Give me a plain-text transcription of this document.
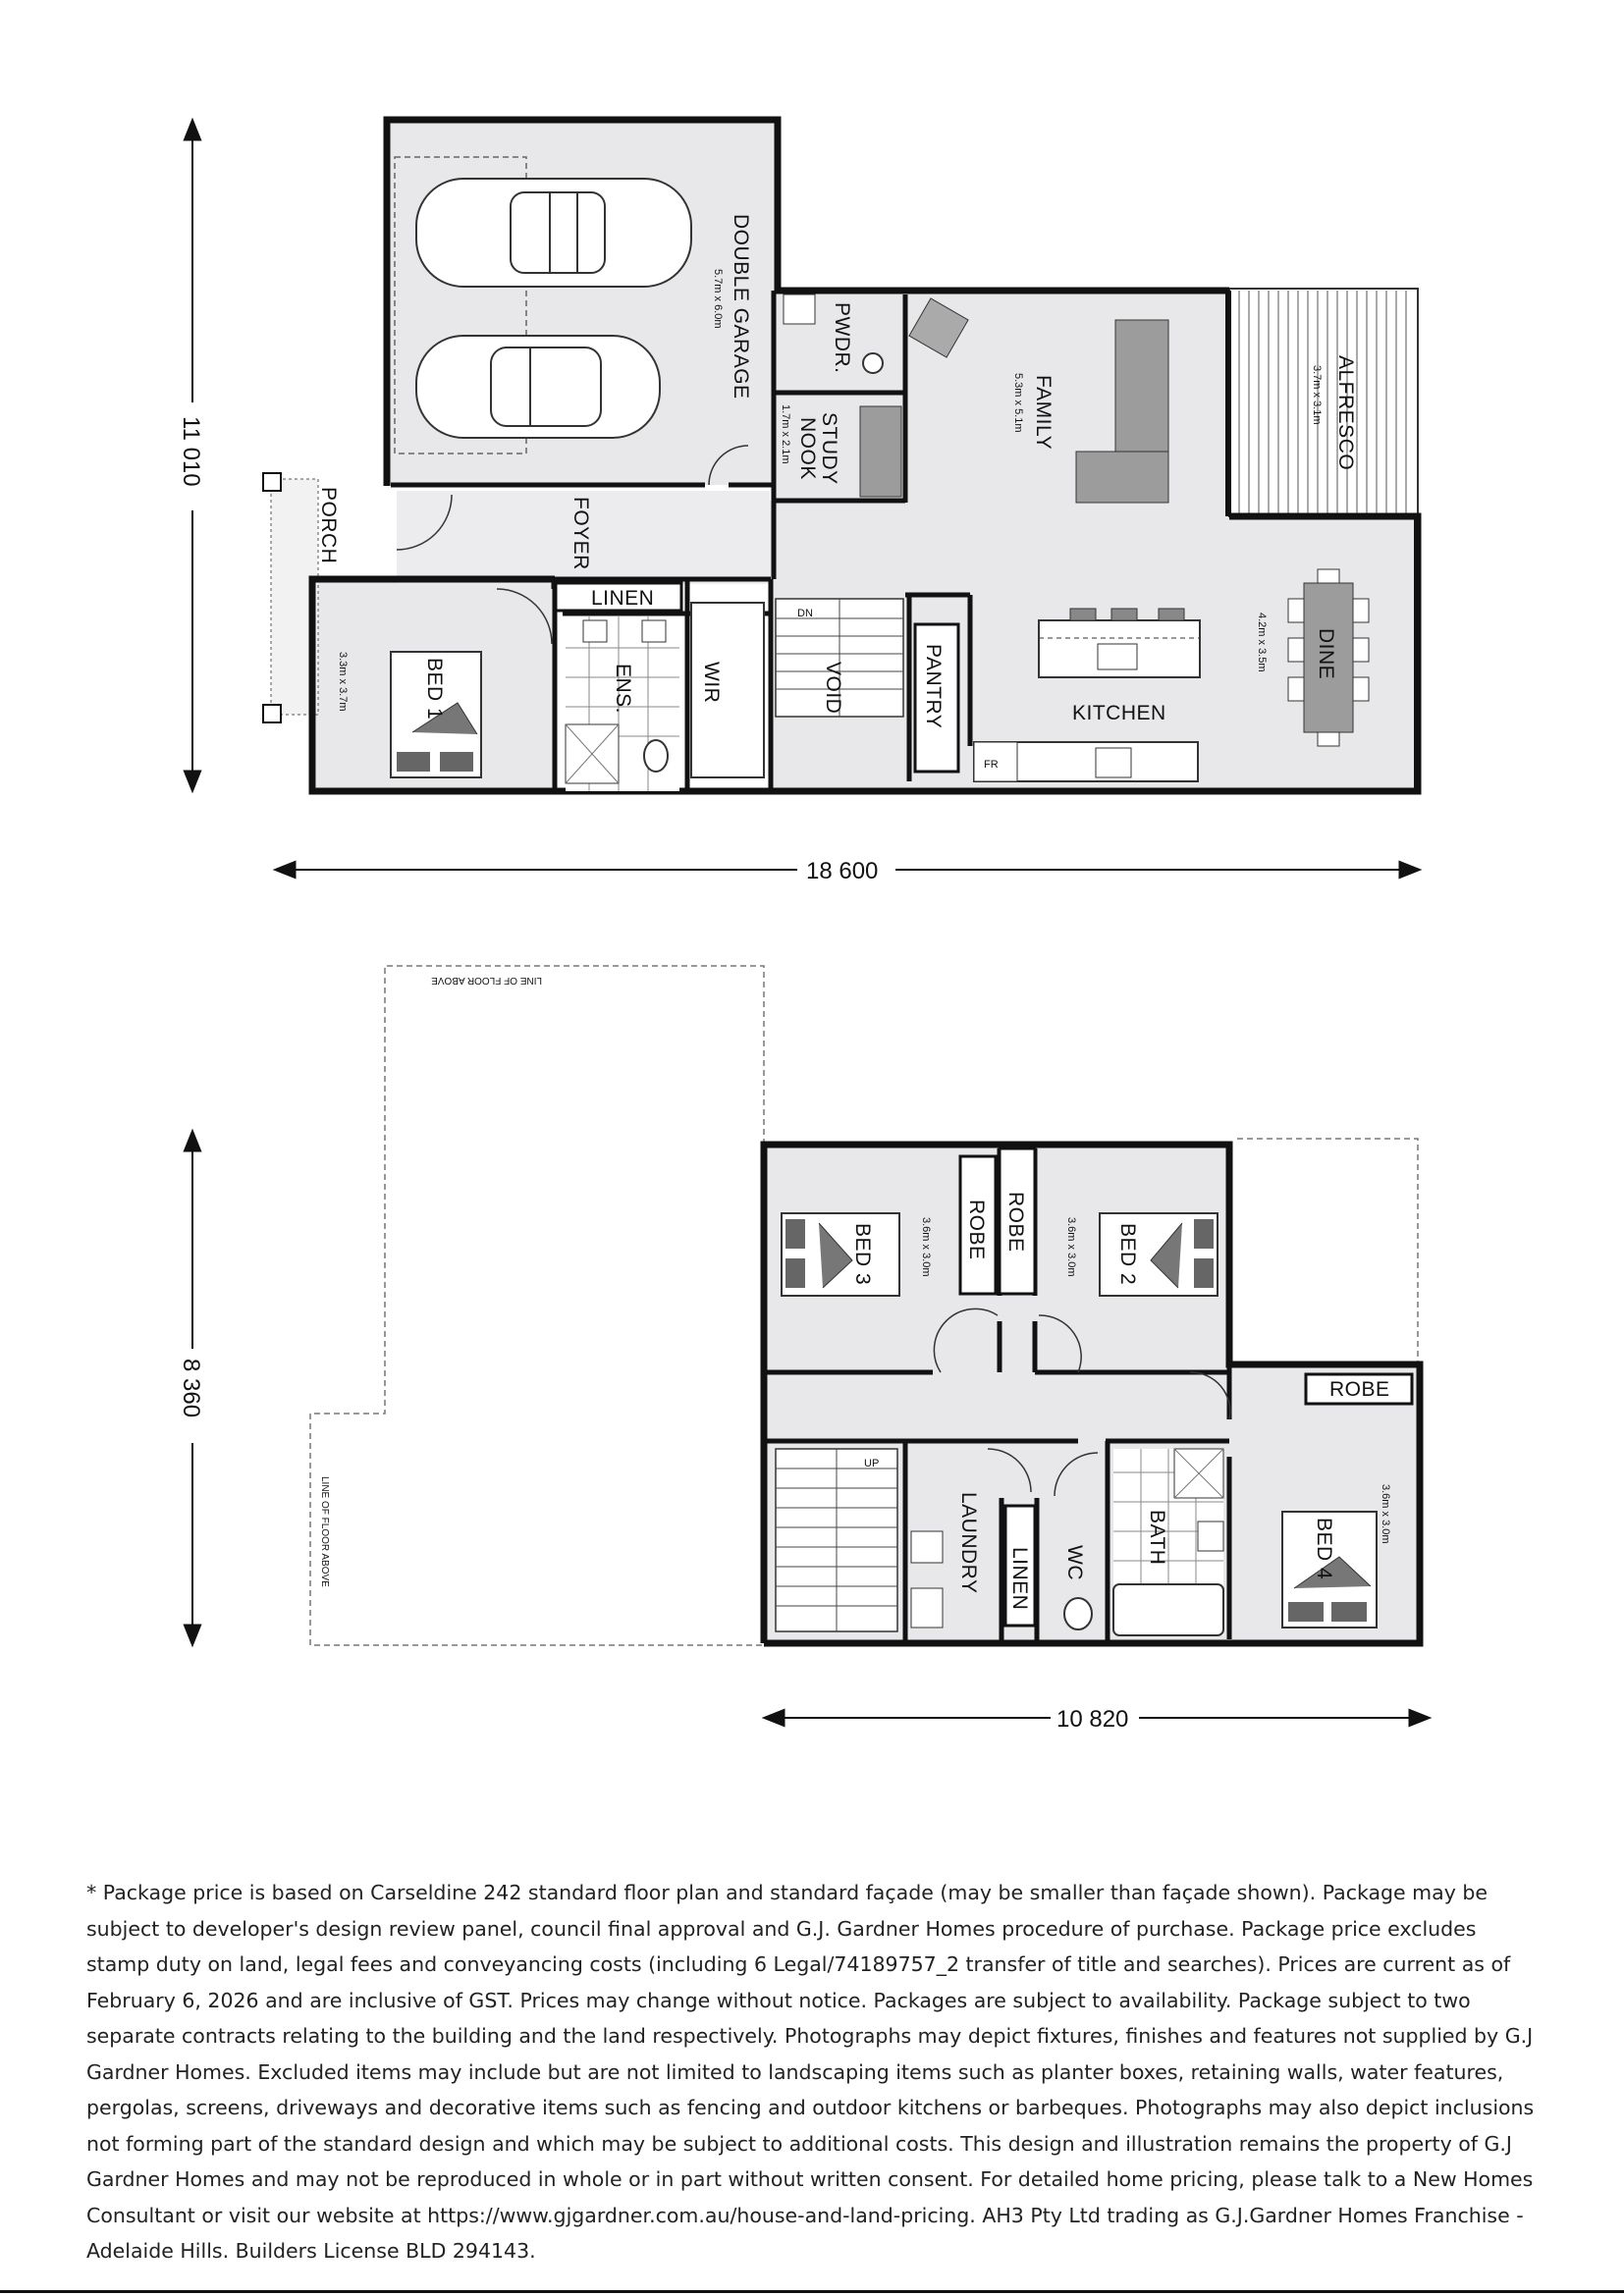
DOUBLE GARAGE
5.7m x 6.0m
PWDR.
STUDY
NOOK
1.7m x 2.1m	FAMILY
5.3m x 5.1m	ALFRESCO
3.7m x 3.1m
PORCH	FOYER
BED 1
3.3m x 3.7m
LINEN
ENS.	WIR
DN
VOID	PANTRY
FR
KITCHEN
DINE
4.2m x 3.5m
11 010
18 600
LINE OF FLOOR ABOVE
LINE OF FLOOR ABOVE
BED 3	3.6m x 3.0m ROBE ROBE
BED 2
3.6m x 3.0m
ROBE
UP
LAUNDRY LINEN WC	BATH	BED 4
3.6m x 3.0m
8 360
10 820

* Package price is based on Carseldine 242 standard floor plan and standard façade (may be smaller than façade shown). Package may be subject to developer's design review panel, council final approval and G.J. Gardner Homes procedure of purchase. Package price excludes stamp duty on land, legal fees and conveyancing costs (including 6 Legal/74189757_2 transfer of title and searches). Prices are current as of February 6, 2026 and are inclusive of GST. Prices may change without notice. Packages are subject to availability. Package subject to two separate contracts relating to the building and the land respectively. Photographs may depict fixtures, finishes and features not supplied by G.J Gardner Homes. Excluded items may include but are not limited to landscaping items such as planter boxes, retaining walls, water features, pergolas, screens, driveways and decorative items such as fencing and outdoor kitchens or barbeques. Photographs may also depict inclusions not forming part of the standard design and which may be subject to additional costs. This design and illustration remains the property of G.J Gardner Homes and may not be reproduced in whole or in part without written consent. For detailed home pricing, please talk to a New Homes Consultant or visit our website at https://www.gjgardner.com.au/house-and-land-pricing. AH3 Pty Ltd trading as G.J.Gardner Homes Franchise - Adelaide Hills. Builders License BLD 294143.
